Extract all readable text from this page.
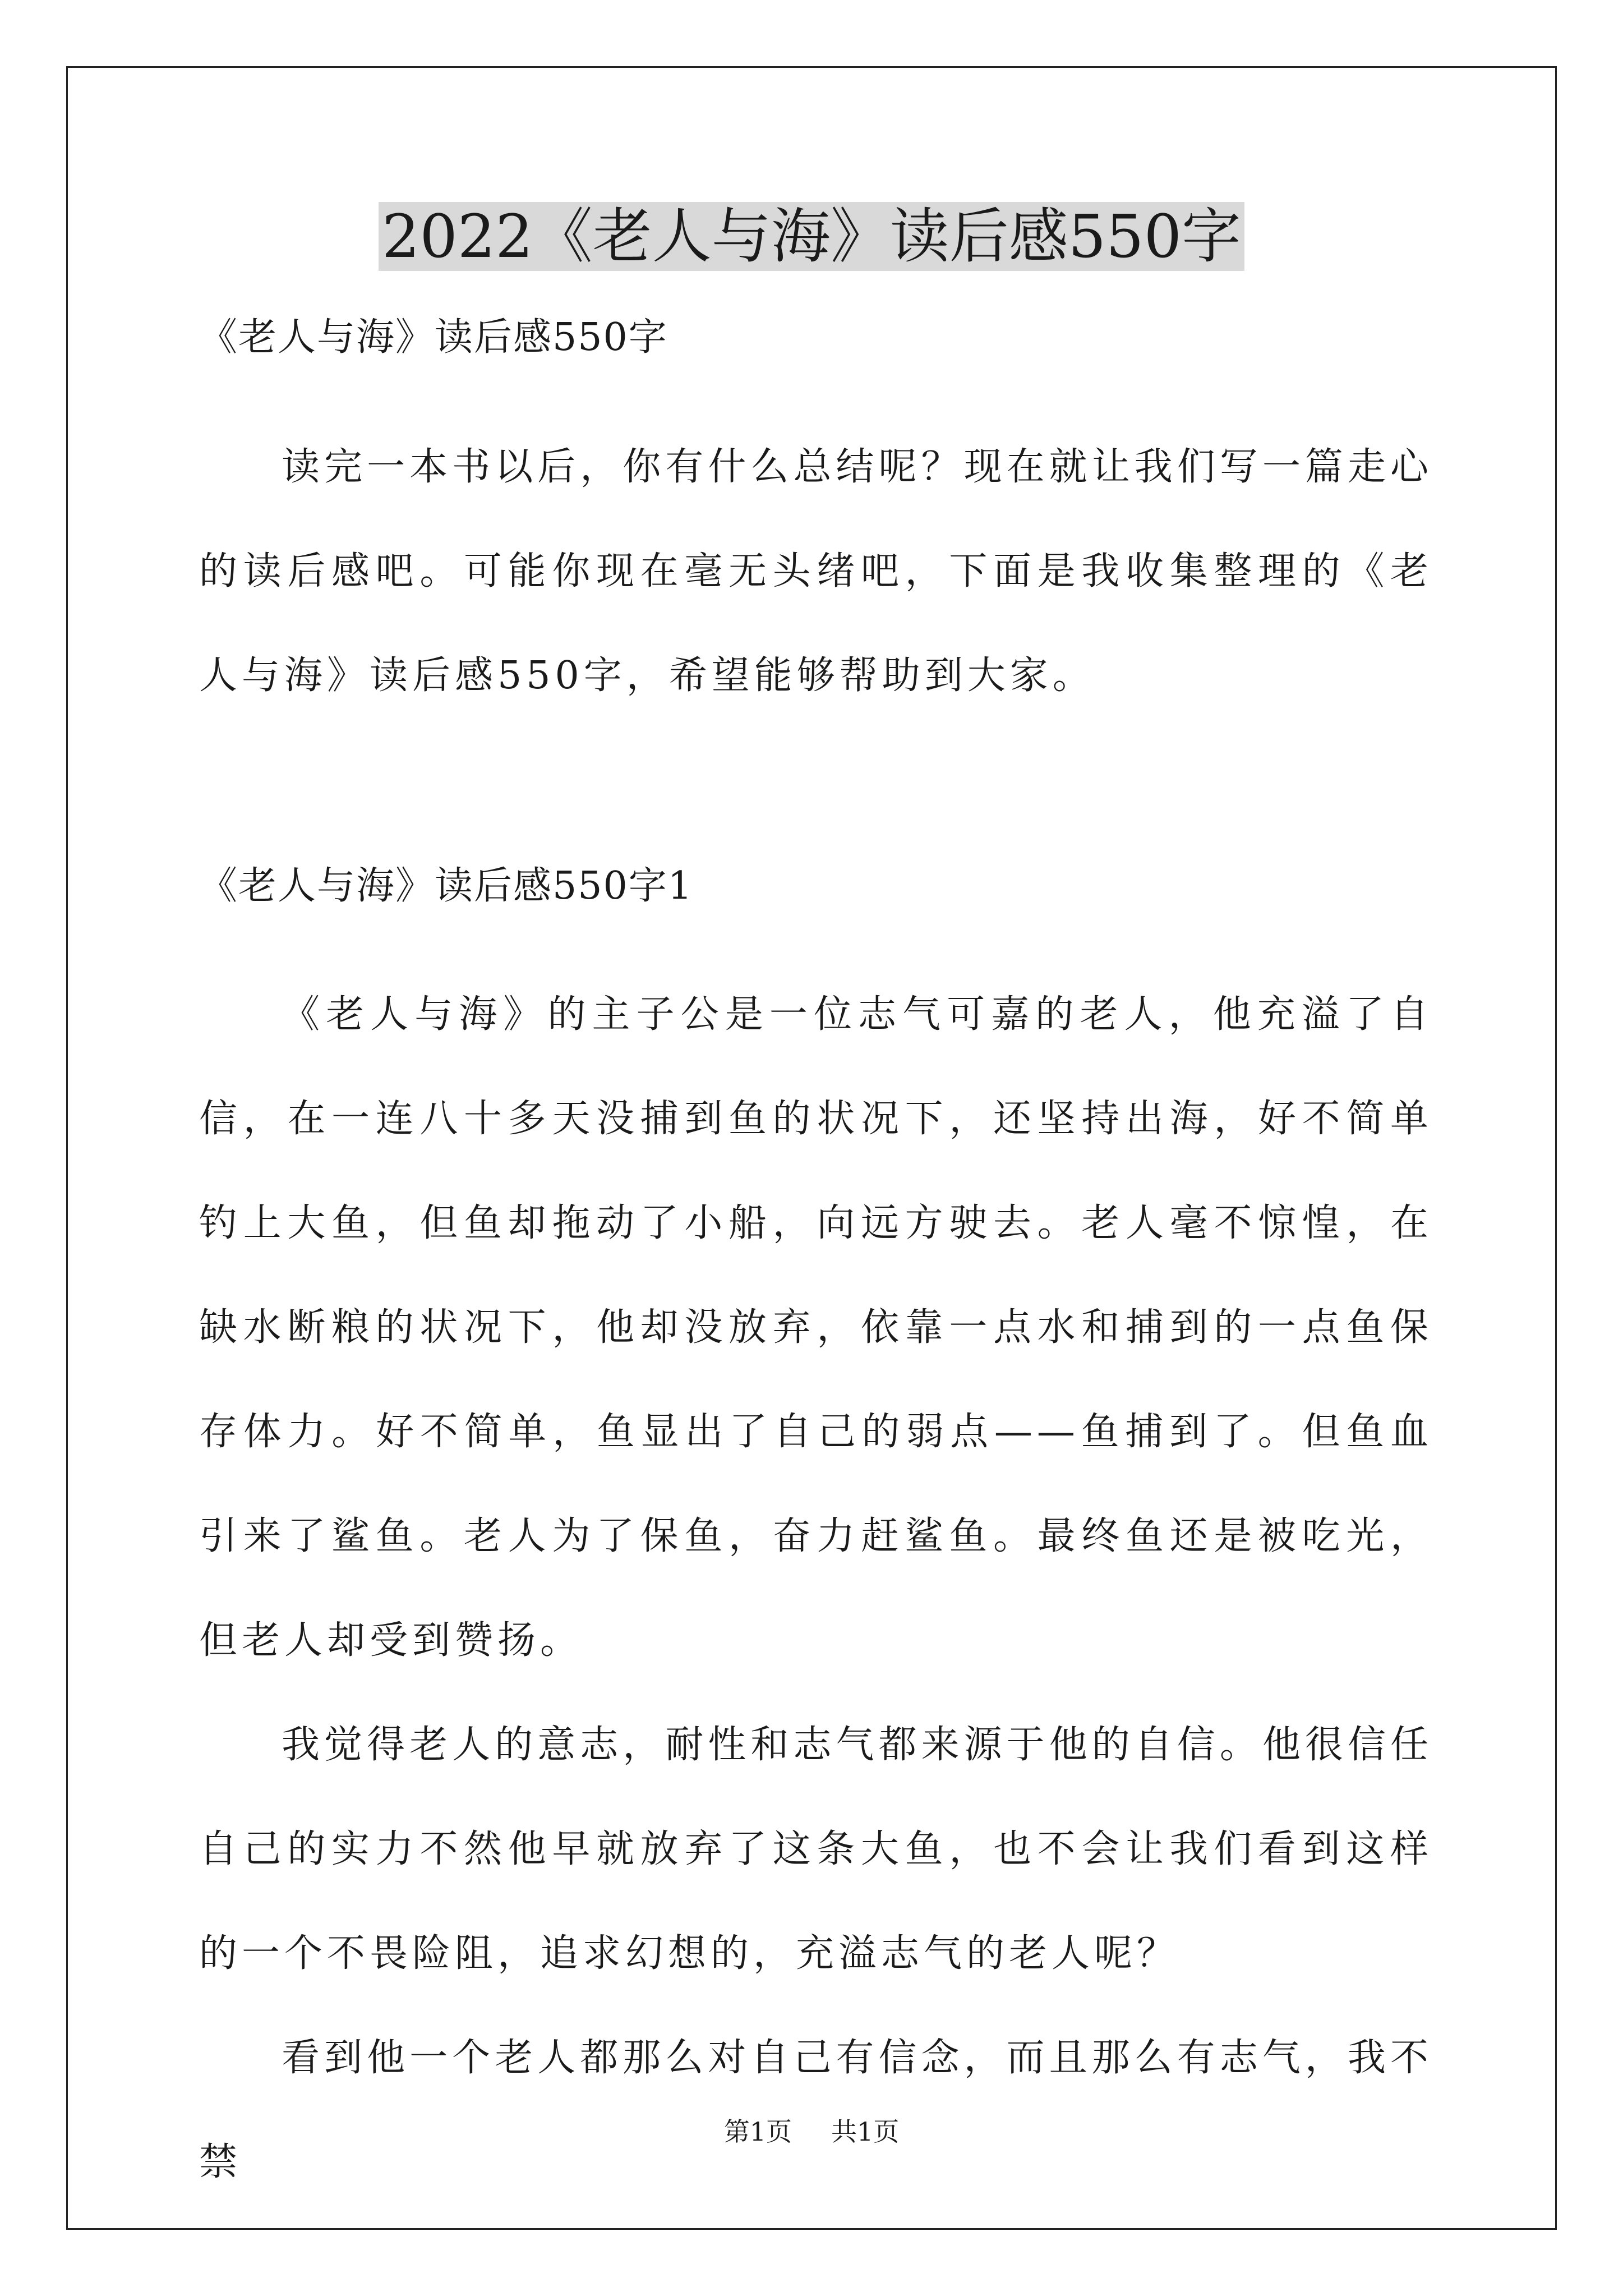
2022《老人与海》读后感550字

《老人与海》读后感550字

读完一本书以后，你有什么总结呢？现在就让我们写一篇走心的读后感吧。可能你现在毫无头绪吧，下面是我收集整理的《老人与海》读后感550字，希望能够帮助到大家。

《老人与海》读后感550字1

《老人与海》的主子公是一位志气可嘉的老人，他充溢了自信，在一连八十多天没捕到鱼的状况下，还坚持出海，好不简单钓上大鱼，但鱼却拖动了小船，向远方驶去。老人毫不惊惶，在缺水断粮的状况下，他却没放弃，依靠一点水和捕到的一点鱼保存体力。好不简单，鱼显出了自己的弱点——鱼捕到了。但鱼血引来了鲨鱼。老人为了保鱼，奋力赶鲨鱼。最终鱼还是被吃光，但老人却受到赞扬。

我觉得老人的意志，耐性和志气都来源于他的自信。他很信任自己的实力不然他早就放弃了这条大鱼，也不会让我们看到这样的一个不畏险阻，追求幻想的，充溢志气的老人呢？

看到他一个老人都那么对自己有信念，而且那么有志气，我不禁

第1页 共1页
